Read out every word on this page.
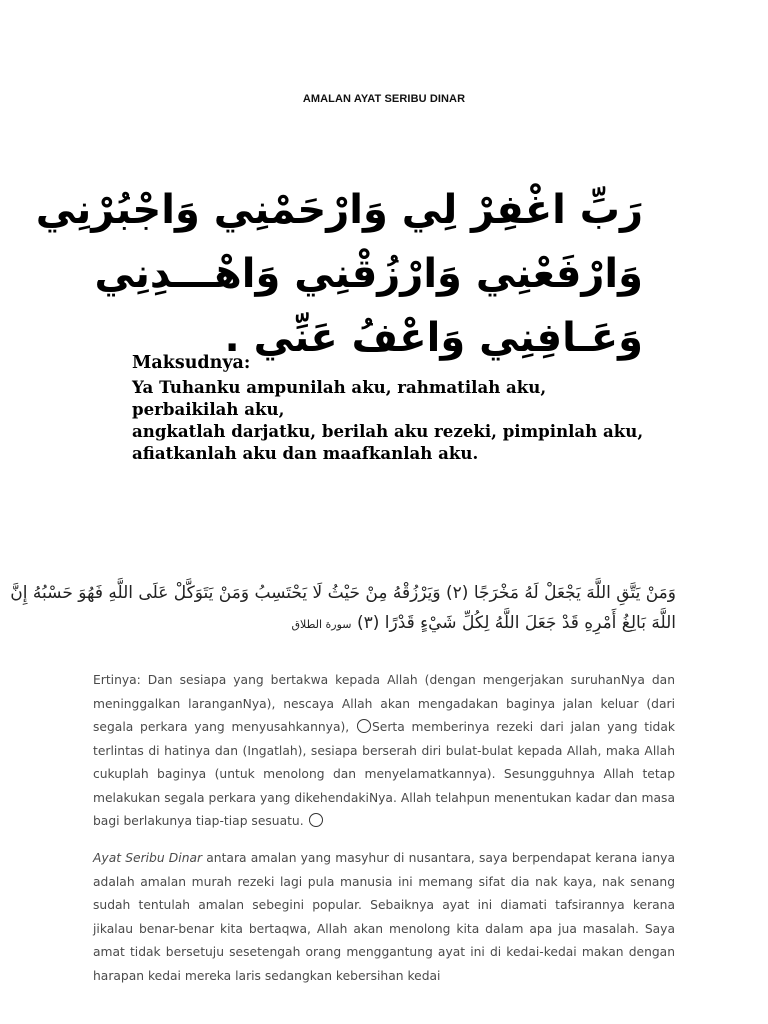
AMALAN AYAT SERIBU DINAR
رَبِّ اغْفِرْ لِي وَارْحَمْنِي وَاجْبُرْنِي
وَارْفَعْنِي وَارْزُقْنِي وَاهْـــدِنِي
وَعَـافِنِي وَاعْفُ عَنِّي .
Maksudnya:
Ya Tuhanku ampunilah aku, rahmatilah aku, perbaikilah aku,
angkatlah darjatku, berilah aku rezeki, pimpinlah aku,
afiatkanlah aku dan maafkanlah aku.
وَمَنْ يَتَّقِ اللَّهَ يَجْعَلْ لَهُ مَخْرَجًا (٢) وَيَرْزُقْهُ مِنْ حَيْثُ لَا يَحْتَسِبُ وَمَنْ يَتَوَكَّلْ عَلَى اللَّهِ فَهُوَ حَسْبُهُ إِنَّ
اللَّهَ بَالِغُ أَمْرِهِ قَدْ جَعَلَ اللَّهُ لِكُلِّ شَيْءٍ قَدْرًا (٣) سورة الطلاق
Ertinya: Dan sesiapa yang bertakwa kepada Allah (dengan mengerjakan suruhanNya dan meninggalkan laranganNya), nescaya Allah akan mengadakan baginya jalan keluar (dari segala perkara yang menyusahkannya), Serta memberinya rezeki dari jalan yang tidak terlintas di hatinya dan (Ingatlah), sesiapa berserah diri bulat-bulat kepada Allah, maka Allah cukuplah baginya (untuk menolong dan menyelamatkannya). Sesungguhnya Allah tetap melakukan segala perkara yang dikehendakiNya. Allah telahpun menentukan kadar dan masa bagi berlakunya tiap-tiap sesuatu.
Ayat Seribu Dinar antara amalan yang masyhur di nusantara, saya berpendapat kerana ianya adalah amalan murah rezeki lagi pula manusia ini memang sifat dia nak kaya, nak senang sudah tentulah amalan sebegini popular. Sebaiknya ayat ini diamati tafsirannya kerana jikalau benar-benar kita bertaqwa, Allah akan menolong kita dalam apa jua masalah. Saya amat tidak bersetuju sesetengah orang menggantung ayat ini di kedai-kedai makan dengan harapan kedai mereka laris sedangkan kebersihan kedai
